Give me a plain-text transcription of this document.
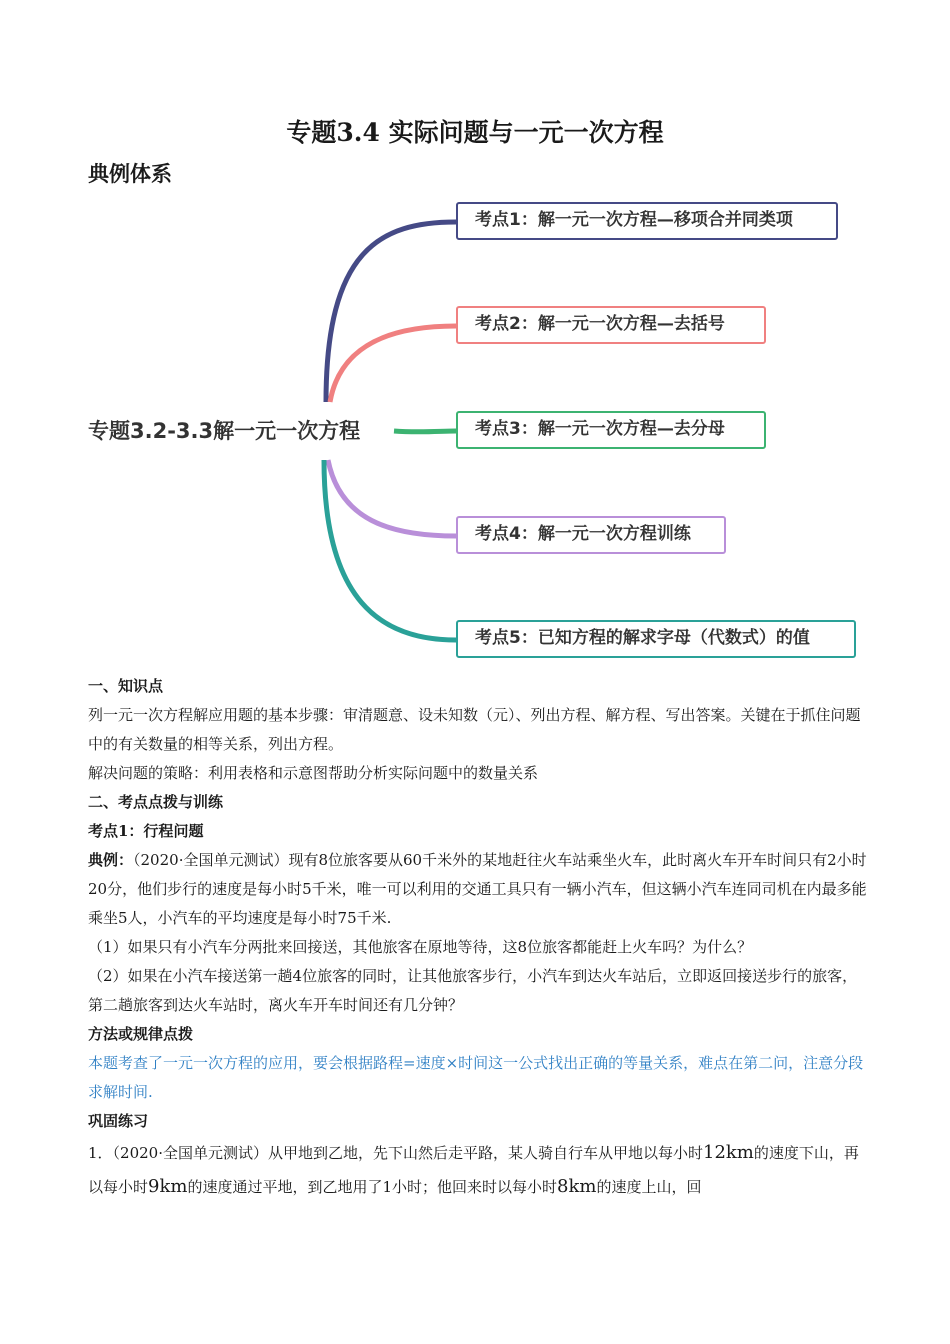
专题3.4 实际问题与一元一次方程
典例体系
专题3.2-3.3解一元一次方程
考点1：解一元一次方程—移项合并同类项
考点2：解一元一次方程—去括号
考点3：解一元一次方程—去分母
考点4：解一元一次方程训练
考点5：已知方程的解求字母（代数式）的值

一、知识点

列一元一次方程解应用题的基本步骤：审清题意、设未知数（元）、列出方程、解方程、写出答案。关键在于抓住问题中的有关数量的相等关系，列出方程。

解决问题的策略：利用表格和示意图帮助分析实际问题中的数量关系

二、考点点拨与训练

考点1：行程问题

典例：（2020·全国单元测试）现有8位旅客要从60千米外的某地赶往火车站乘坐火车，此时离火车开车时间只有2小时20分，他们步行的速度是每小时5千米，唯一可以利用的交通工具只有一辆小汽车，但这辆小汽车连同司机在内最多能乘坐5人，小汽车的平均速度是每小时75千米.

（1）如果只有小汽车分两批来回接送，其他旅客在原地等待，这8位旅客都能赶上火车吗？为什么？

（2）如果在小汽车接送第一趟4位旅客的同时，让其他旅客步行，小汽车到达火车站后，立即返回接送步行的旅客，第二趟旅客到达火车站时，离火车开车时间还有几分钟？

方法或规律点拨

本题考查了一元一次方程的应用，要会根据路程=速度×时间这一公式找出正确的等量关系，难点在第二问，注意分段求解时间.

巩固练习

1．（2020·全国单元测试）从甲地到乙地，先下山然后走平路，某人骑自行车从甲地以每小时12km的速度下山，再以每小时9km的速度通过平地，到乙地用了1小时；他回来时以每小时8km的速度上山，回
